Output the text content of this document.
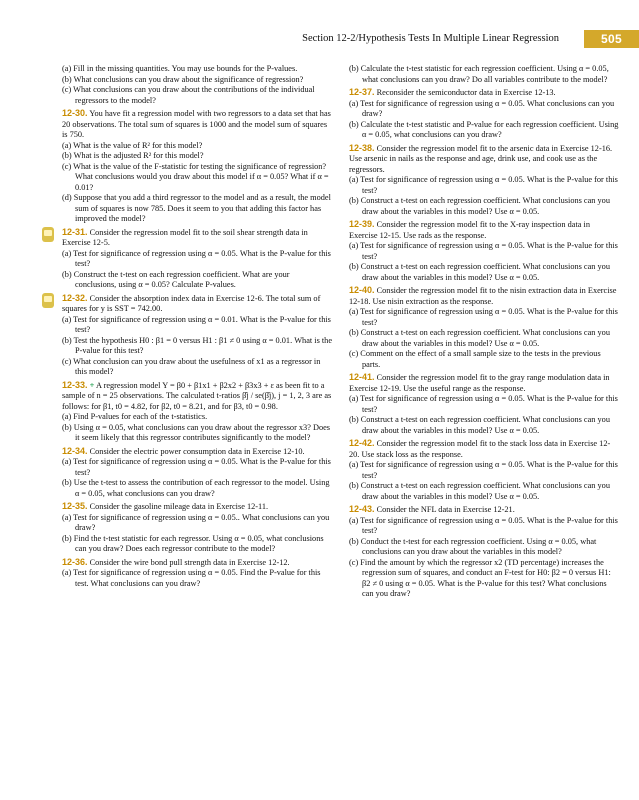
Section 12-2/Hypothesis Tests In Multiple Linear Regression	505
(a) Fill in the missing quantities. You may use bounds for the P-values.
(b) What conclusions can you draw about the significance of regression?
(c) What conclusions can you draw about the contributions of the individual regressors to the model?
12-30. You have fit a regression model with two regressors to a data set that has 20 observations. The total sum of squares is 1000 and the model sum of squares is 750.
(a) What is the value of R² for this model?
(b) What is the adjusted R² for this model?
(c) What is the value of the F-statistic for testing the significance of regression? What conclusions would you draw about this model if α = 0.05? What if α = 0.01?
(d) Suppose that you add a third regressor to the model and as a result, the model sum of squares is now 785. Does it seem to you that adding this factor has improved the model?
12-31. Consider the regression model fit to the soil shear strength data in Exercise 12-5.
(a) Test for significance of regression using α = 0.05. What is the P-value for this test?
(b) Construct the t-test on each regression coefficient. What are your conclusions, using α = 0.05? Calculate P-values.
12-32. Consider the absorption index data in Exercise 12-6. The total sum of squares for y is SST = 742.00.
(a) Test for significance of regression using α = 0.01. What is the P-value for this test?
(b) Test the hypothesis H0 : β1 = 0 versus H1 : β1 ≠ 0 using α = 0.01. What is the P-value for this test?
(c) What conclusion can you draw about the usefulness of x1 as a regressor in this model?
12-33. + A regression model Y = β0 + β1x1 + β2x2 + β3x3 + ε as been fit to a sample of n = 25 observations. The calculated t-ratios β̂j / se(β̂j), j = 1, 2, 3 are as follows: for β1, t0 = 4.82, for β2, t0 = 8.21, and for β3, t0 = 0.98.
(a) Find P-values for each of the t-statistics.
(b) Using α = 0.05, what conclusions can you draw about the regressor x3? Does it seem likely that this regressor contributes significantly to the model?
12-34. Consider the electric power consumption data in Exercise 12-10.
(a) Test for significance of regression using α = 0.05. What is the P-value for this test?
(b) Use the t-test to assess the contribution of each regressor to the model. Using α = 0.05, what conclusions can you draw?
12-35. Consider the gasoline mileage data in Exercise 12-11.
(a) Test for significance of regression using α = 0.05.. What conclusions can you draw?
(b) Find the t-test statistic for each regressor. Using α = 0.05, what conclusions can you draw? Does each regressor contribute to the model?
12-36. Consider the wire bond pull strength data in Exercise 12-12.
(a) Test for significance of regression using α = 0.05. Find the P-value for this test. What conclusions can you draw?
(b) Calculate the t-test statistic for each regression coefficient. Using α = 0.05, what conclusions can you draw? Do all variables contribute to the model?
12-37. Reconsider the semiconductor data in Exercise 12-13.
(a) Test for significance of regression using α = 0.05. What conclusions can you draw?
(b) Calculate the t-test statistic and P-value for each regression coefficient. Using α = 0.05, what conclusions can you draw?
12-38. Consider the regression model fit to the arsenic data in Exercise 12-16. Use arsenic in nails as the response and age, drink use, and cook use as the regressors.
(a) Test for significance of regression using α = 0.05. What is the P-value for this test?
(b) Construct a t-test on each regression coefficient. What conclusions can you draw about the variables in this model? Use α = 0.05.
12-39. Consider the regression model fit to the X-ray inspection data in Exercise 12-15. Use rads as the response.
(a) Test for significance of regression using α = 0.05. What is the P-value for this test?
(b) Construct a t-test on each regression coefficient. What conclusions can you draw about the variables in this model? Use α = 0.05.
12-40. Consider the regression model fit to the nisin extraction data in Exercise 12-18. Use nisin extraction as the response.
(a) Test for significance of regression using α = 0.05. What is the P-value for this test?
(b) Construct a t-test on each regression coefficient. What conclusions can you draw about the variables in this model? Use α = 0.05.
(c) Comment on the effect of a small sample size to the tests in the previous parts.
12-41. Consider the regression model fit to the gray range modulation data in Exercise 12-19. Use the useful range as the response.
(a) Test for significance of regression using α = 0.05. What is the P-value for this test?
(b) Construct a t-test on each regression coefficient. What conclusions can you draw about the variables in this model? Use α = 0.05.
12-42. Consider the regression model fit to the stack loss data in Exercise 12-20. Use stack loss as the response.
(a) Test for significance of regression using α = 0.05. What is the P-value for this test?
(b) Construct a t-test on each regression coefficient. What conclusions can you draw about the variables in this model? Use α = 0.05.
12-43. Consider the NFL data in Exercise 12-21.
(a) Test for significance of regression using α = 0.05. What is the P-value for this test?
(b) Conduct the t-test for each regression coefficient. Using α = 0.05, what conclusions can you draw about the variables in this model?
(c) Find the amount by which the regressor x2 (TD percentage) increases the regression sum of squares, and conduct an F-test for H0: β2 = 0 versus H1: β2 ≠ 0 using α = 0.05. What is the P-value for this test? What conclusions can you draw?
